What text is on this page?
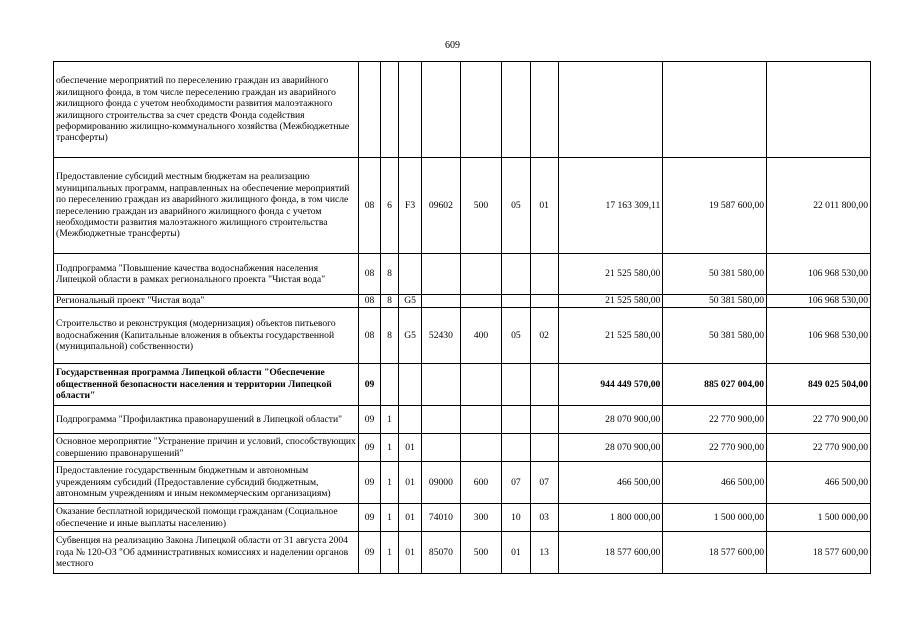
609
обеспечение мероприятий по переселению граждан из аварийного жилищного фонда, в том числе переселению граждан из аварийного жилищного фонда с учетом необходимости развития малоэтажного жилищного строительства за счет средств Фонда содействия реформированию жилищно-коммунального хозяйства (Межбюджетные трансферты)										
Предоставление субсидий местным бюджетам на реализацию муниципальных программ, направленных на обеспечение мероприятий по переселению граждан из аварийного жилищного фонда, в том числе переселению граждан из аварийного жилищного фонда с учетом необходимости развития малоэтажного жилищного строительства (Межбюджетные трансферты)	08	6	F3	09602	500	05	01	17 163 309,11	19 587 600,00	22 011 800,00
Подпрограмма "Повышение качества водоснабжения населения Липецкой области в рамках регионального проекта "Чистая вода"	08	8						21 525 580,00	50 381 580,00	106 968 530,00
Региональный проект "Чистая вода"	08	8	G5					21 525 580,00	50 381 580,00	106 968 530,00
Строительство и реконструкция (модернизация) объектов питьевого водоснабжения (Капитальные вложения в объекты государственной (муниципальной) собственности)	08	8	G5	52430	400	05	02	21 525 580,00	50 381 580,00	106 968 530,00
Государственная программа Липецкой области "Обеспечение общественной безопасности населения и территории Липецкой области"	09							944 449 570,00	885 027 004,00	849 025 504,00
Подпрограмма "Профилактика правонарушений в Липецкой области"	09	1						28 070 900,00	22 770 900,00	22 770 900,00
Основное мероприятие "Устранение причин и условий, способствующих совершению правонарушений"	09	1	01					28 070 900,00	22 770 900,00	22 770 900,00
Предоставление государственным бюджетным и автономным учреждениям субсидий (Предоставление субсидий бюджетным, автономным учреждениям и иным некоммерческим организациям)	09	1	01	09000	600	07	07	466 500,00	466 500,00	466 500,00
Оказание бесплатной юридической помощи гражданам (Социальное обеспечение и иные выплаты населению)	09	1	01	74010	300	10	03	1 800 000,00	1 500 000,00	1 500 000,00
Субвенция на реализацию Закона Липецкой области от 31 августа 2004 года № 120-ОЗ "Об административных комиссиях и наделении органов местного	09	1	01	85070	500	01	13	18 577 600,00	18 577 600,00	18 577 600,00
